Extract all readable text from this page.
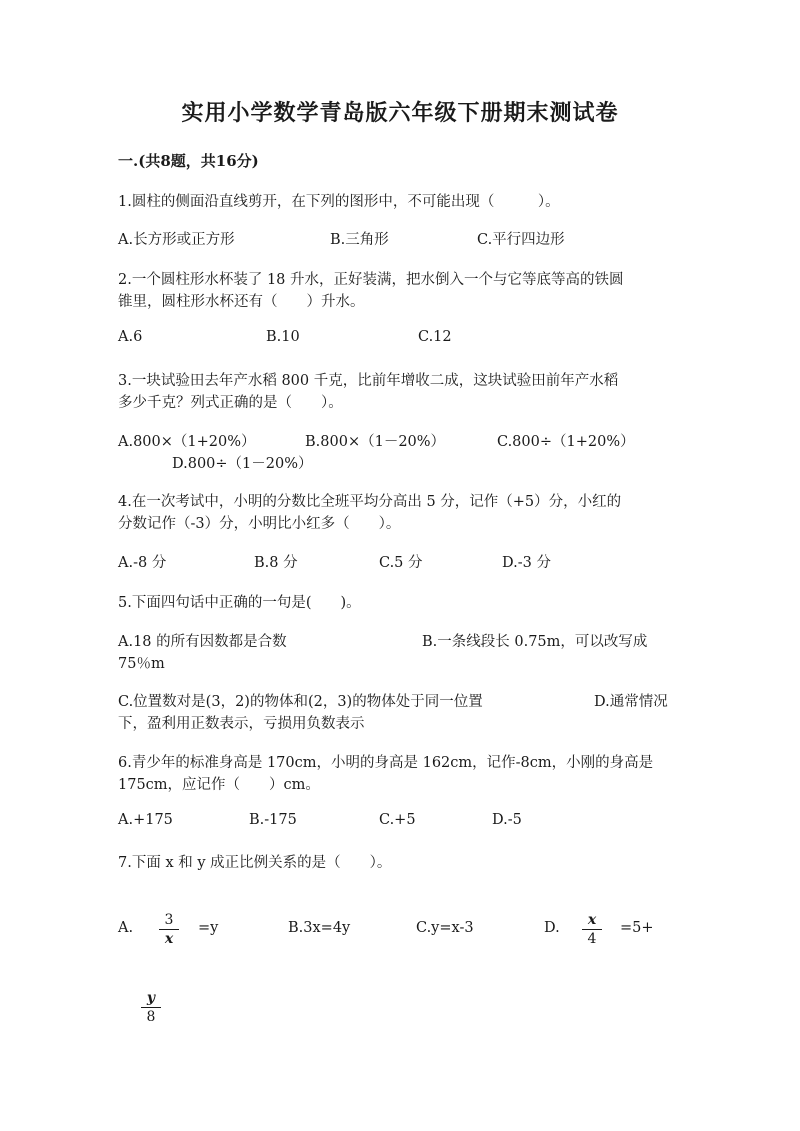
实用小学数学青岛版六年级下册期末测试卷
一.(共8题，共16分)
1.圆柱的侧面沿直线剪开，在下列的图形中，不可能出现（　　　）。
A.长方形或正方形	B.三角形	C.平行四边形
2.一个圆柱形水杯装了 18 升水，正好装满，把水倒入一个与它等底等高的铁圆
锥里，圆柱形水杯还有（　　）升水。
A.6	B.10	C.12
3.一块试验田去年产水稻 800 千克，比前年增收二成，这块试验田前年产水稻
多少千克？列式正确的是（　　）。
A.800×（1+20%）	B.800×（1－20%）	C.800÷（1+20%）
D.800÷（1－20%）
4.在一次考试中，小明的分数比全班平均分高出 5 分，记作（+5）分，小红的
分数记作（-3）分，小明比小红多（　　）。
A.-8 分	B.8 分	C.5 分	D.-3 分
5.下面四句话中正确的一句是(　　)。
A.18 的所有因数都是合数	B.一条线段长 0.75m，可以改写成
75％m
C.位置数对是(3，2)的物体和(2，3)的物体处于同一位置	D.通常情况
下，盈利用正数表示，亏损用负数表示
6.青少年的标准身高是 170cm，小明的身高是 162cm，记作-8cm，小刚的身高是
175cm，应记作（　　）cm。
A.+175	B.-175	C.+5	D.-5
7.下面 x 和 y 成正比例关系的是（　　）。
A.	3
x
=y	B.3x=4y	C.y=x-3	D.	x
4
=5+
y
8
